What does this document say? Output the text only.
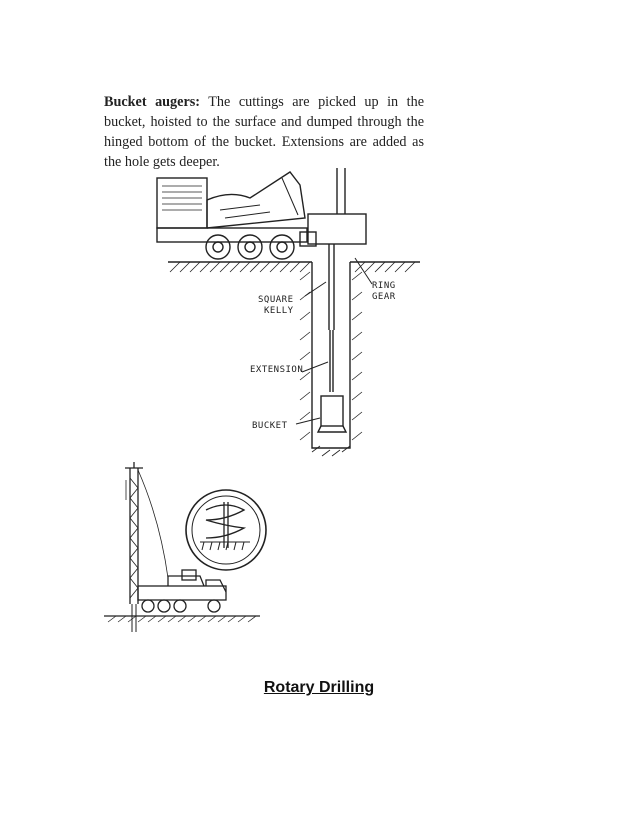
Bucket augers: The cuttings are picked up in the bucket, hoisted to the surface and dumped through the hinged bottom of the bucket. Extensions are added as the hole gets deeper.

RING
GEAR
SQUARE
KELLY
EXTENSION
BUCKET
Rotary Drilling
